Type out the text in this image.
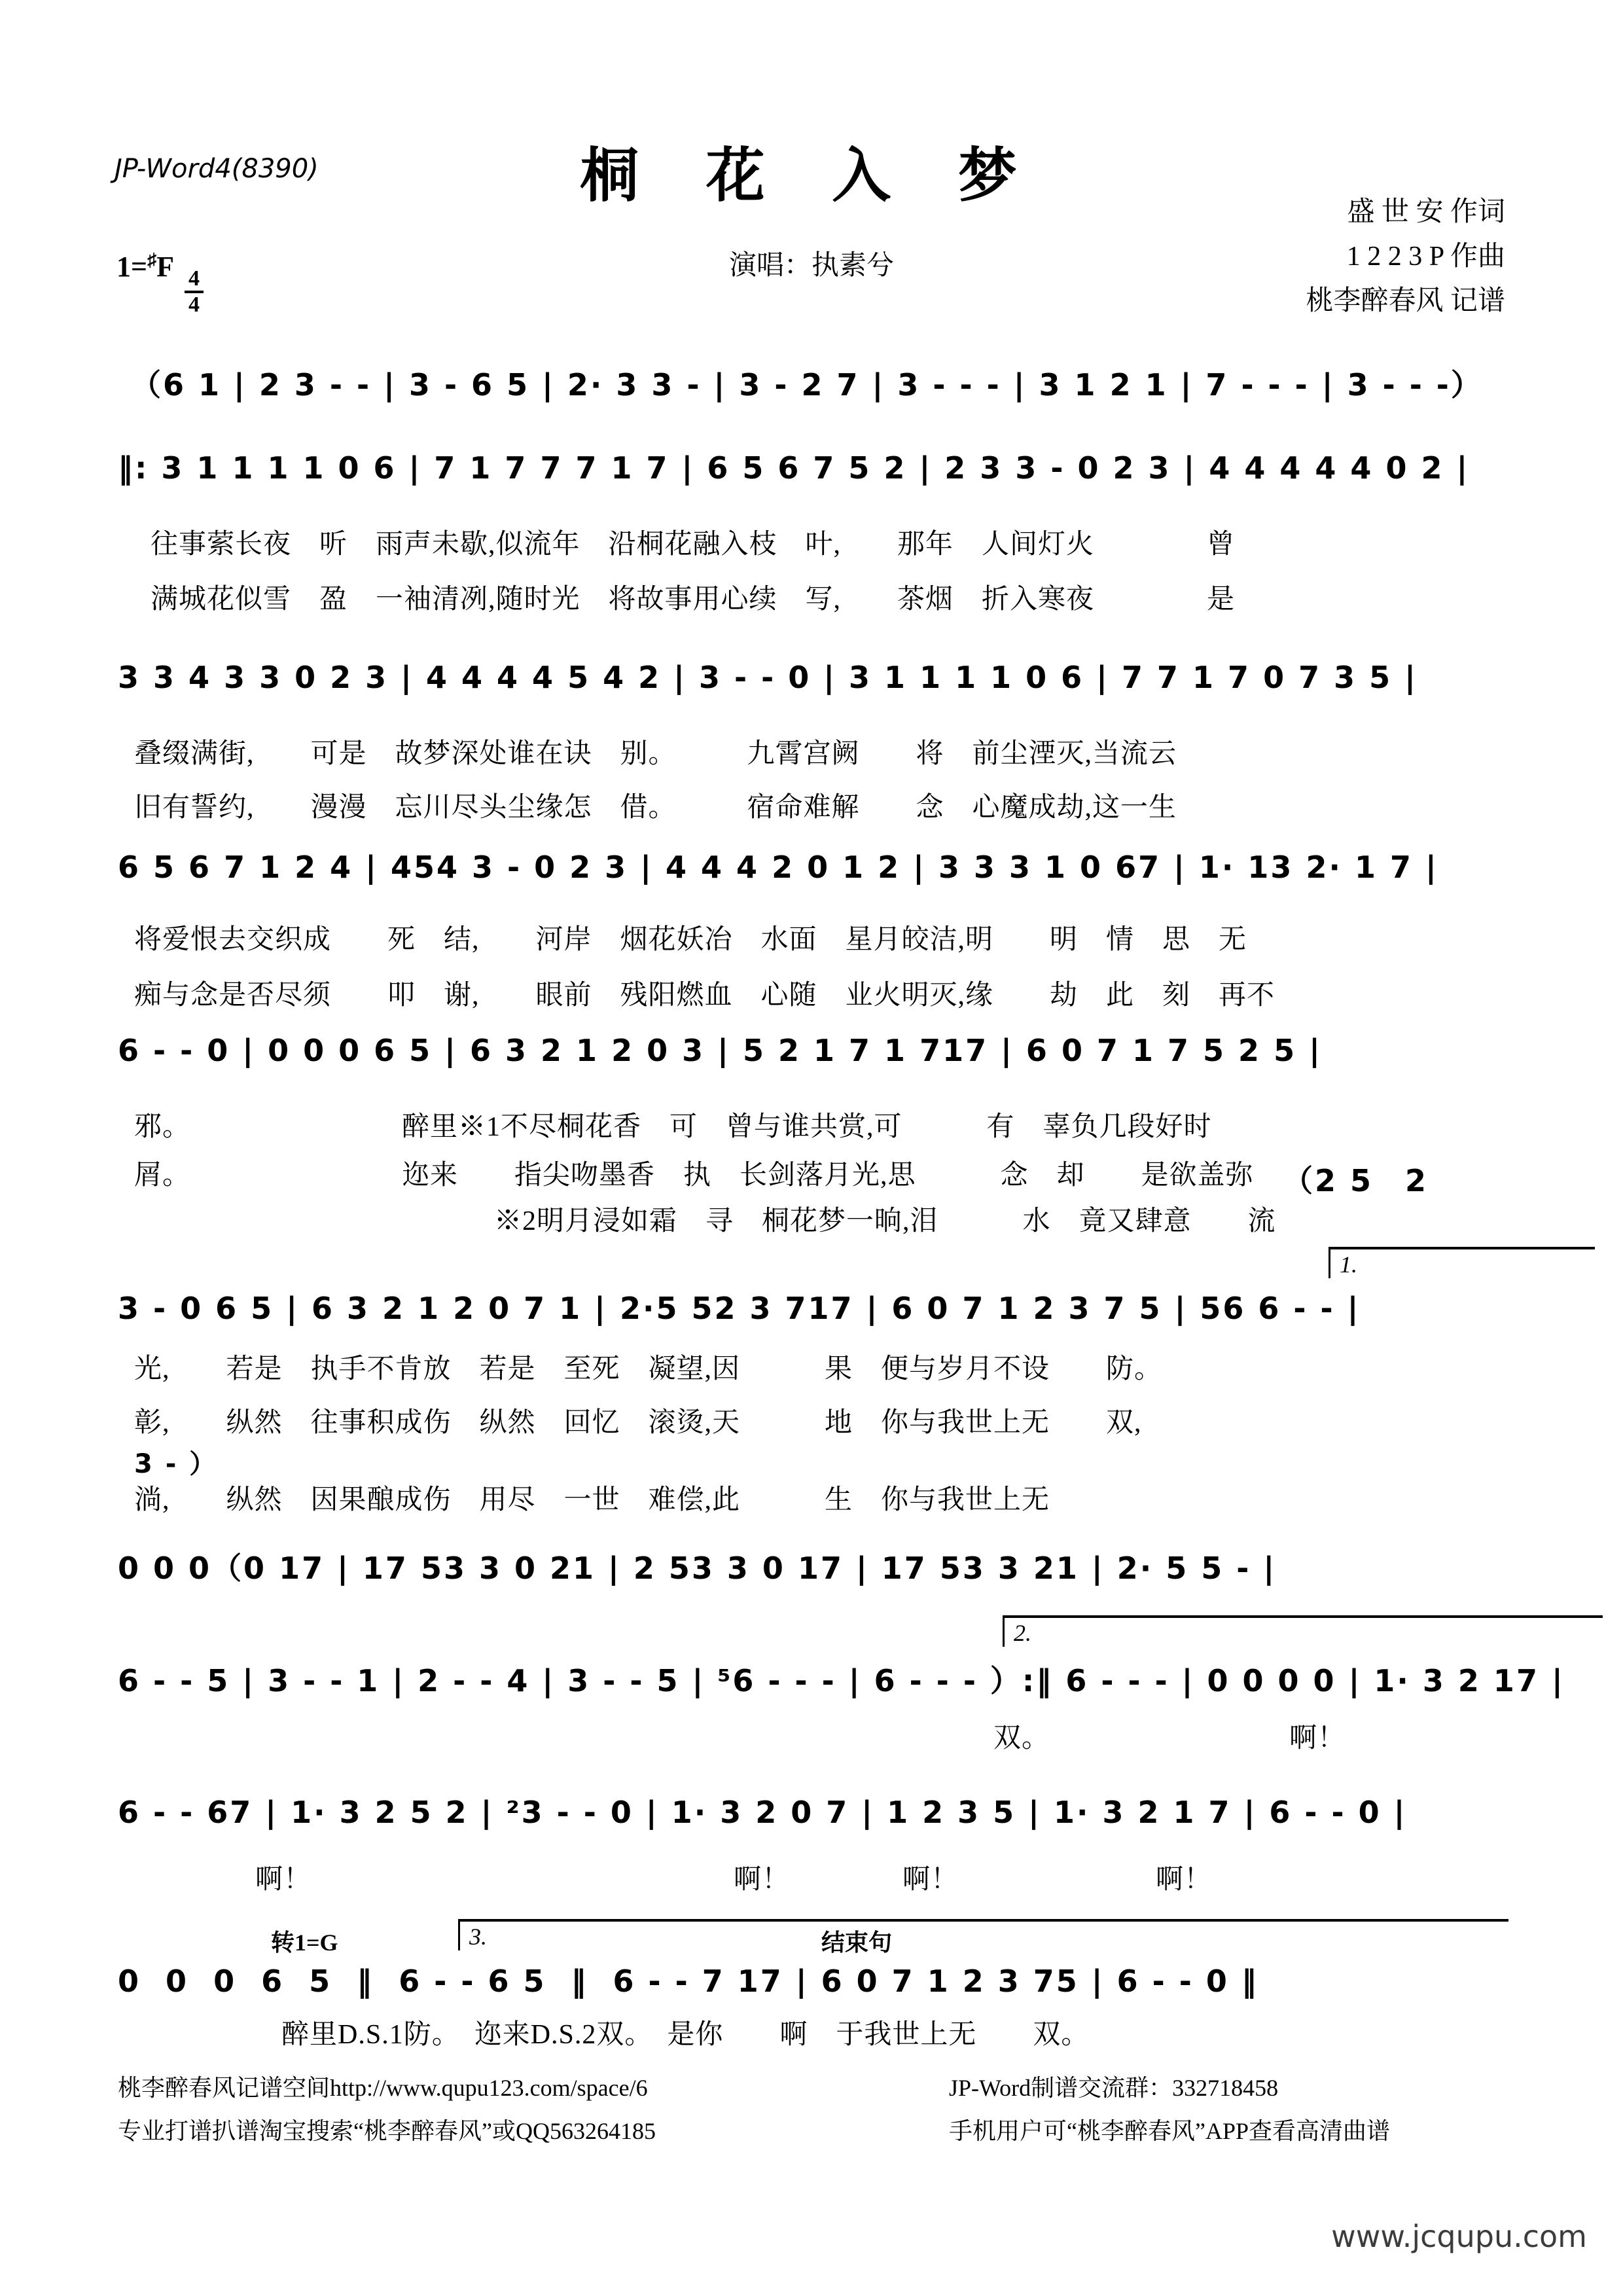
JP-Word4(8390)	桐 花 入 梦
演唱：执素兮
盛 世 安 作词
1 2 2 3 P 作曲
桃李醉春风 记谱
1=♯F
$\frac{4}{4}$
（6 1 | 2 3 - - | 3 - 6 5 | 2· 3 3 - | 3 - 2 7 | 3 - - - | 3 1 2 1 | 7 - - - | 3 - - -）
‖: 3 1 1 1 1 0 6 | 7 1 7 7 7 1 7 | 6 5 6 7 5 2 | 2 3 3 - 0 2 3 | 4 4 4 4 4 0 2 |
往事萦长夜　听　雨声未歇,似流年　沿桐花融入枝　叶,　　那年　人间灯火　　　　曾
满城花似雪　盈　一袖清冽,随时光　将故事用心续　写,　　茶烟　折入寒夜　　　　是
3 3 4 3 3 0 2 3 | 4 4 4 4 5 4 2 | 3 - - 0 | 3 1 1 1 1 0 6 | 7 7 1 7 0 7 3 5 |
叠缀满街,　　可是　故梦深处谁在诀　别。　　　九霄宫阙　　将　前尘湮灭,当流云
旧有誓约,　　漫漫　忘川尽头尘缘怎　借。　　　宿命难解　　念　心魔成劫,这一生
6 5 6 7 1 2 4 | 454 3 - 0 2 3 | 4 4 4 2 0 1 2 | 3 3 3 1 0 67 | 1· 13 2· 1 7 |
将爱恨去交织成　　死　结,　　河岸　烟花妖冶　水面　星月皎洁,明　　明　情　思　无
痴与念是否尽须　　叩　谢,　　眼前　残阳燃血　心随　业火明灭,缘　　劫　此　刻　再不
6 - - 0 | 0 0 0 6 5 | 6 3 2 1 2 0 3 | 5 2 1 7 1 717 | 6 0 7 1 7 5 2 5 |
邪。　　　　　　　　醉里※1不尽桐花香　可　曾与谁共赏,可　　　有　辜负几段好时
屑。　　　　　　　　迩来　　指尖吻墨香　执　长剑落月光,思　　　念　却　　是欲盖弥 （2 5　2
※2明月浸如霜　寻　桐花梦一晌,泪　　　水　竟又肆意　　流
1.
3 - 0 6 5 | 6 3 2 1 2 0 7 1 | 2·5 52 3 717 | 6 0 7 1 2 3 7 5 | 56 6 - - |
光,　　若是　执手不肯放　若是　至死　凝望,因　　　果　便与岁月不设　　防。
彰,　　纵然　往事积成伤　纵然　回忆　滚烫,天　　　地　你与我世上无　　双,
3 - ）
淌,　　纵然　因果酿成伤　用尽　一世　难偿,此　　　生　你与我世上无
0 0 0（0 17 | 17 53 3 0 21 | 2 53 3 0 17 | 17 53 3 21 | 2· 5 5 - |
2.
6 - - 5 | 3 - - 1 | 2 - - 4 | 3 - - 5 | ⁵6 - - - | 6 - - - ）:‖ 6 - - - | 0 0 0 0 | 1· 3 2 17 |
双。　　　　　　　　　啊！
6 - - 67 | 1· 3 2 5 2 | ²3 - - 0 | 1· 3 2 0 7 | 1 2 3 5 | 1· 3 2 1 7 | 6 - - 0 |
啊！　　　　　　　　　　　　　　　啊！　　　　啊！　　　　　　　啊！
转1=G	3.	结束句
0  0  0  6  5  ‖  6 - - 6 5  ‖  6 - - 7 17 | 6 0 7 1 2 3 75 | 6 - - 0 ‖
醉里D.S.1防。　迩来D.S.2双。　是你　　啊　于我世上无　　双。
桃李醉春风记谱空间http://www.qupu123.com/space/6
专业打谱扒谱淘宝搜索“桃李醉春风”或QQ563264185
JP-Word制谱交流群：332718458
手机用户可“桃李醉春风”APP查看高清曲谱
www.jcqupu.com
